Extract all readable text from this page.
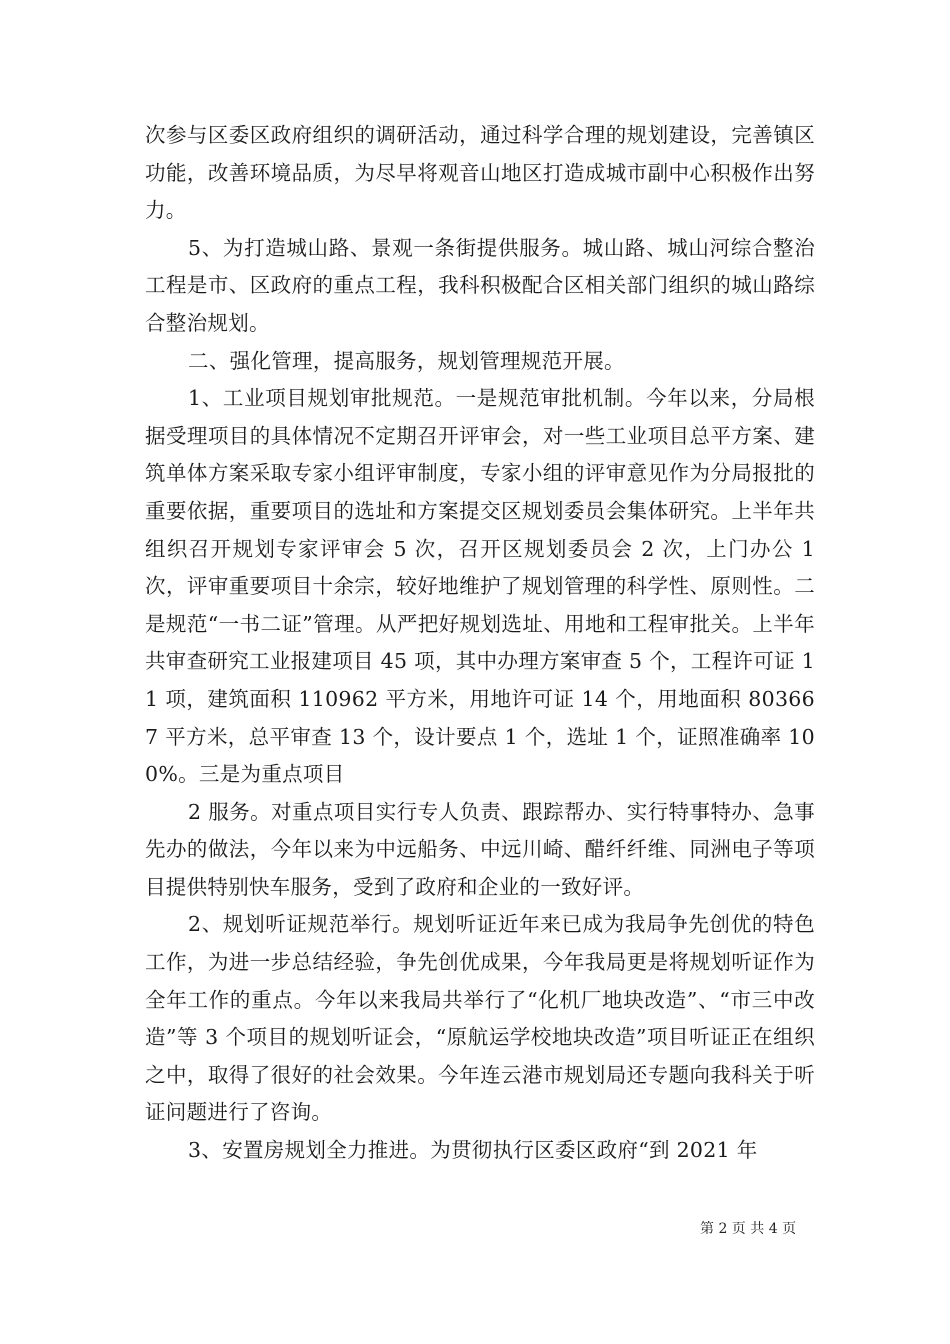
次参与区委区政府组织的调研活动，通过科学合理的规划建设，完善镇区功能，改善环境品质，为尽早将观音山地区打造成城市副中心积极作出努力。

5、为打造城山路、景观一条街提供服务。城山路、城山河综合整治工程是市、区政府的重点工程，我科积极配合区相关部门组织的城山路综合整治规划。

二、强化管理，提高服务，规划管理规范开展。

1、工业项目规划审批规范。一是规范审批机制。今年以来，分局根据受理项目的具体情况不定期召开评审会，对一些工业项目总平方案、建筑单体方案采取专家小组评审制度，专家小组的评审意见作为分局报批的重要依据，重要项目的选址和方案提交区规划委员会集体研究。上半年共组织召开规划专家评审会 5 次，召开区规划委员会 2 次，上门办公 1 次，评审重要项目十余宗，较好地维护了规划管理的科学性、原则性。二是规范“一书二证”管理。从严把好规划选址、用地和工程审批关。上半年共审查研究工业报建项目 45 项，其中办理方案审查 5 个，工程许可证 11 项，建筑面积 110962 平方米，用地许可证 14 个，用地面积 803667 平方米，总平审查 13 个，设计要点 1 个，选址 1 个，证照准确率 100%。三是为重点项目

2 服务。对重点项目实行专人负责、跟踪帮办、实行特事特办、急事先办的做法，今年以来为中远船务、中远川崎、醋纤纤维、同洲电子等项目提供特别快车服务，受到了政府和企业的一致好评。

2、规划听证规范举行。规划听证近年来已成为我局争先创优的特色工作，为进一步总结经验，争先创优成果，今年我局更是将规划听证作为全年工作的重点。今年以来我局共举行了“化机厂地块改造”、“市三中改造”等 3 个项目的规划听证会，“原航运学校地块改造”项目听证正在组织之中，取得了很好的社会效果。今年连云港市规划局还专题向我科关于听证问题进行了咨询。

3、安置房规划全力推进。为贯彻执行区委区政府“到 2021 年

第 2 页 共 4 页
